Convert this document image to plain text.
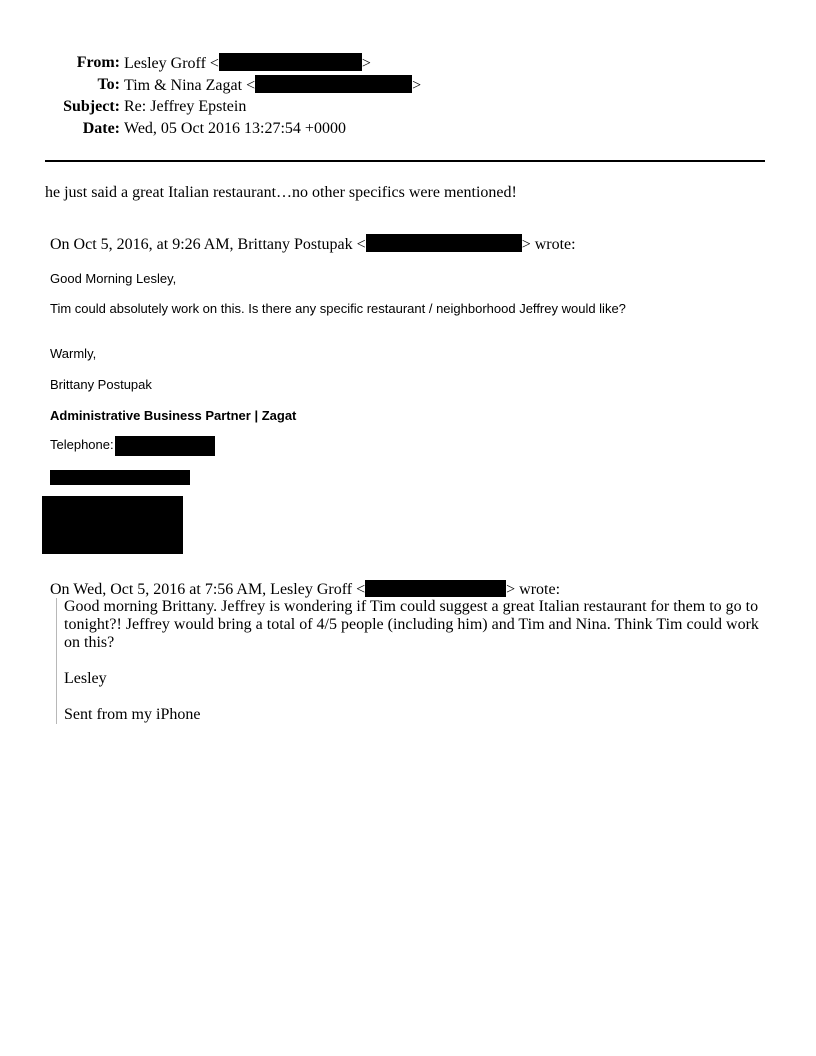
From: Lesley Groff <	>
To: Tim & Nina Zagat <	>
Subject: Re: Jeffrey Epstein
Date: Wed, 05 Oct 2016 13:27:54 +0000
he just said a great Italian restaurant…no other specifics were mentioned!
On Oct 5, 2016, at 9:26 AM, Brittany Postupak <	> wrote:
Good Morning Lesley,
Tim could absolutely work on this. Is there any specific restaurant / neighborhood Jeffrey would like?
Warmly,
Brittany Postupak
Administrative Business Partner | Zagat
Telephone:
On Wed, Oct 5, 2016 at 7:56 AM, Lesley Groff <	> wrote:

Good morning Brittany. Jeffrey is wondering if Tim could suggest a great Italian restaurant for them to go to

tonight?! Jeffrey would bring a total of 4/5 people (including him) and Tim and Nina. Think Tim could work

on this?

Lesley

Sent from my iPhone
